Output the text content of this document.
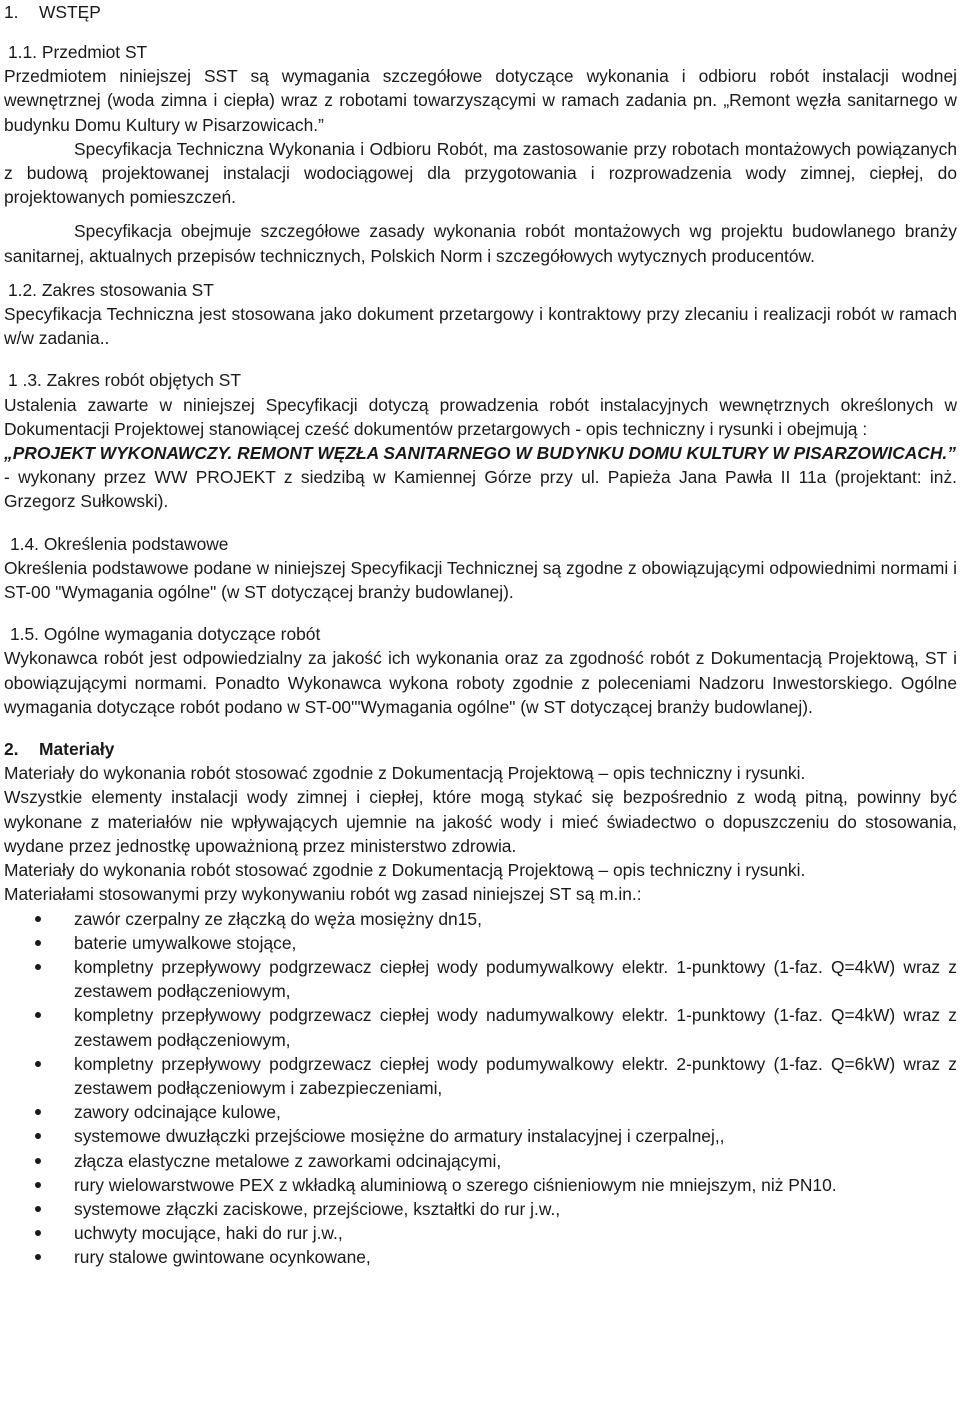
1. WSTĘP

1.1. Przedmiot ST

Przedmiotem niniejszej SST są wymagania szczegółowe dotyczące wykonania i odbioru robót instalacji wodnej wewnętrznej (woda zimna i ciepła) wraz z robotami towarzyszącymi w ramach zadania pn. „Remont węzła sanitarnego w budynku Domu Kultury w Pisarzowicach.”

Specyfikacja Techniczna Wykonania i Odbioru Robót, ma zastosowanie przy robotach montażowych powiązanych z budową projektowanej instalacji wodociągowej dla przygotowania i rozprowadzenia wody zimnej, ciepłej, do projektowanych pomieszczeń.

Specyfikacja obejmuje szczegółowe zasady wykonania robót montażowych wg projektu budowlanego branży sanitarnej, aktualnych przepisów technicznych, Polskich Norm i szczegółowych wytycznych producentów.

1.2. Zakres stosowania ST

Specyfikacja Techniczna jest stosowana jako dokument przetargowy i kontraktowy przy zlecaniu i realizacji robót w ramach w/w zadania..

1 .3. Zakres robót objętych ST

Ustalenia zawarte w niniejszej Specyfikacji dotyczą prowadzenia robót instalacyjnych wewnętrznych określonych w Dokumentacji Projektowej stanowiącej cześć dokumentów przetargowych - opis techniczny i rysunki i obejmują :

„PROJEKT WYKONAWCZY. REMONT WĘZŁA SANITARNEGO W BUDYNKU DOMU KULTURY W PISARZOWICACH.”

- wykonany przez WW PROJEKT z siedzibą w Kamiennej Górze przy ul. Papieża Jana Pawła II 11a (projektant: inż. Grzegorz Sułkowski).

1.4. Określenia podstawowe

Określenia podstawowe podane w niniejszej Specyfikacji Technicznej są zgodne z obowiązującymi odpowiednimi normami i ST-00 "Wymagania ogólne" (w ST dotyczącej branży budowlanej).

1.5. Ogólne wymagania dotyczące robót

Wykonawca robót jest odpowiedzialny za jakość ich wykonania oraz za zgodność robót z Dokumentacją Projektową, ST i obowiązującymi normami. Ponadto Wykonawca wykona roboty zgodnie z poleceniami Nadzoru Inwestorskiego. Ogólne wymagania dotyczące robót podano w ST-00'"Wymagania ogólne" (w ST dotyczącej branży budowlanej).

2. Materiały

Materiały do wykonania robót stosować zgodnie z Dokumentacją Projektową – opis techniczny i rysunki.

Wszystkie elementy instalacji wody zimnej i ciepłej, które mogą stykać się bezpośrednio z wodą pitną, powinny być wykonane z materiałów nie wpływających ujemnie na jakość wody i mieć świadectwo o dopuszczeniu do stosowania, wydane przez jednostkę upoważnioną przez ministerstwo zdrowia.

Materiały do wykonania robót stosować zgodnie z Dokumentacją Projektową – opis techniczny i rysunki.

Materiałami stosowanymi przy wykonywaniu robót wg zasad niniejszej ST są m.in.:

zawór czerpalny ze złączką do węża mosiężny dn15,
baterie umywalkowe stojące,
kompletny przepływowy podgrzewacz ciepłej wody podumywalkowy elektr. 1-punktowy (1-faz. Q=4kW) wraz z zestawem podłączeniowym,
kompletny przepływowy podgrzewacz ciepłej wody nadumywalkowy elektr. 1-punktowy (1-faz. Q=4kW) wraz z zestawem podłączeniowym,
kompletny przepływowy podgrzewacz ciepłej wody podumywalkowy elektr. 2-punktowy (1-faz. Q=6kW) wraz z zestawem podłączeniowym i zabezpieczeniami,
zawory odcinające kulowe,
systemowe dwuzłączki przejściowe mosiężne do armatury instalacyjnej i czerpalnej,,
złącza elastyczne metalowe z zaworkami odcinającymi,
rury wielowarstwowe PEX z wkładką aluminiową o szerego ciśnieniowym nie mniejszym, niż PN10.
systemowe złączki zaciskowe, przejściowe, kształtki do rur j.w.,
uchwyty mocujące, haki do rur j.w.,
rury stalowe gwintowane ocynkowane,
